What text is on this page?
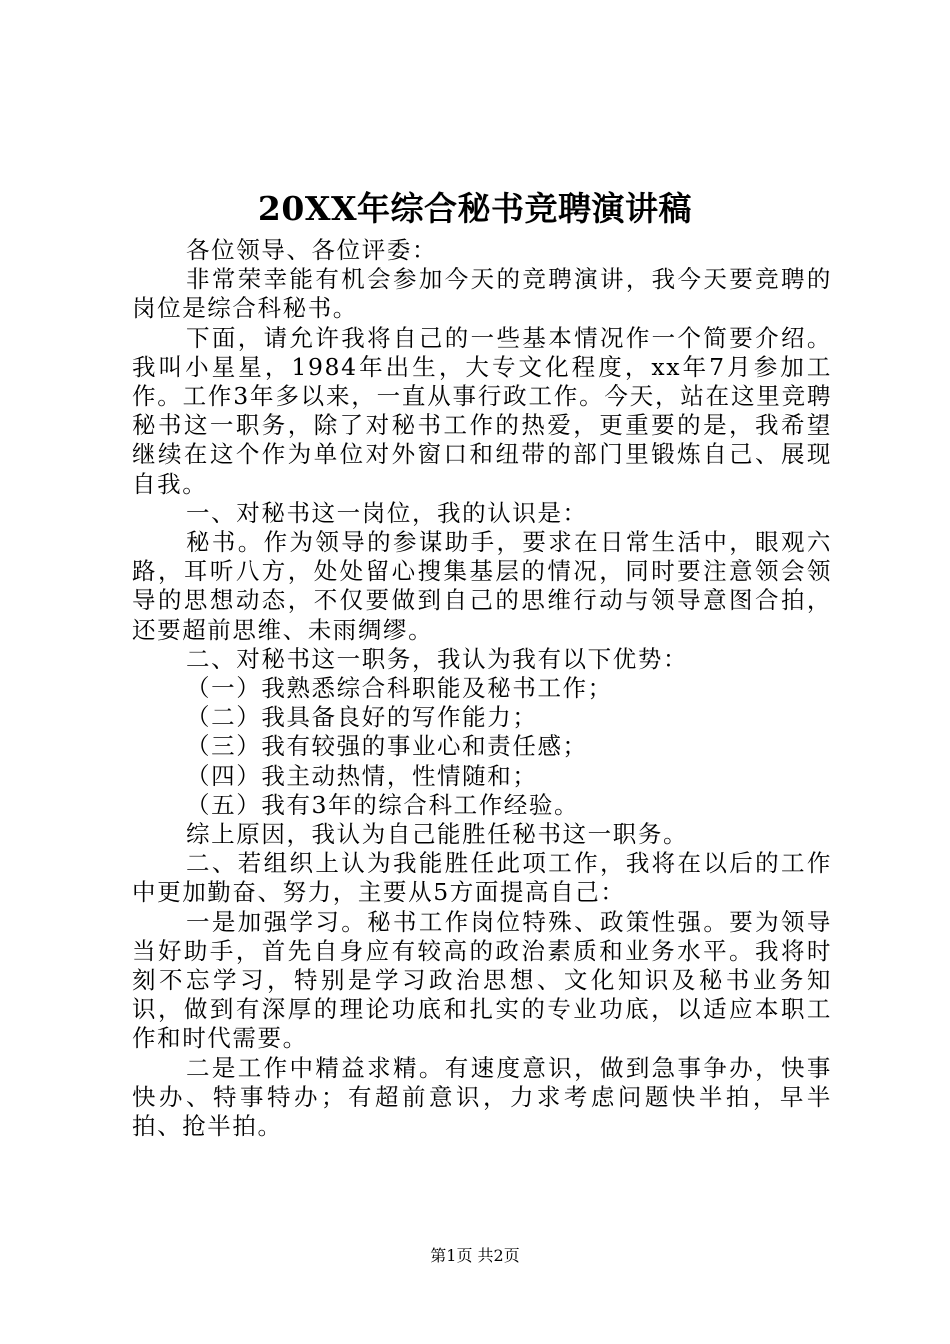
20XX年综合秘书竞聘演讲稿

各位领导、各位评委：

非常荣幸能有机会参加今天的竞聘演讲，我今天要竞聘的岗位是综合科秘书。

下面，请允许我将自己的一些基本情况作一个简要介绍。我叫小星星，1984年出生，大专文化程度，xx年7月参加工作。工作3年多以来，一直从事行政工作。今天，站在这里竞聘秘书这一职务，除了对秘书工作的热爱，更重要的是，我希望继续在这个作为单位对外窗口和纽带的部门里锻炼自己、展现自我。

一、对秘书这一岗位，我的认识是：

秘书。作为领导的参谋助手，要求在日常生活中，眼观六路，耳听八方，处处留心搜集基层的情况，同时要注意领会领导的思想动态，不仅要做到自己的思维行动与领导意图合拍，还要超前思维、未雨绸缪。

二、对秘书这一职务，我认为我有以下优势：

（一）我熟悉综合科职能及秘书工作；

（二）我具备良好的写作能力；

（三）我有较强的事业心和责任感；

（四）我主动热情，性情随和；

（五）我有3年的综合科工作经验。

综上原因，我认为自己能胜任秘书这一职务。

二、若组织上认为我能胜任此项工作，我将在以后的工作中更加勤奋、努力，主要从5方面提高自己：

一是加强学习。秘书工作岗位特殊、政策性强。要为领导当好助手，首先自身应有较高的政治素质和业务水平。我将时刻不忘学习，特别是学习政治思想、文化知识及秘书业务知识，做到有深厚的理论功底和扎实的专业功底，以适应本职工作和时代需要。

二是工作中精益求精。有速度意识，做到急事争办，快事快办、特事特办；有超前意识，力求考虑问题快半拍，早半拍、抢半拍。

第1页 共2页
